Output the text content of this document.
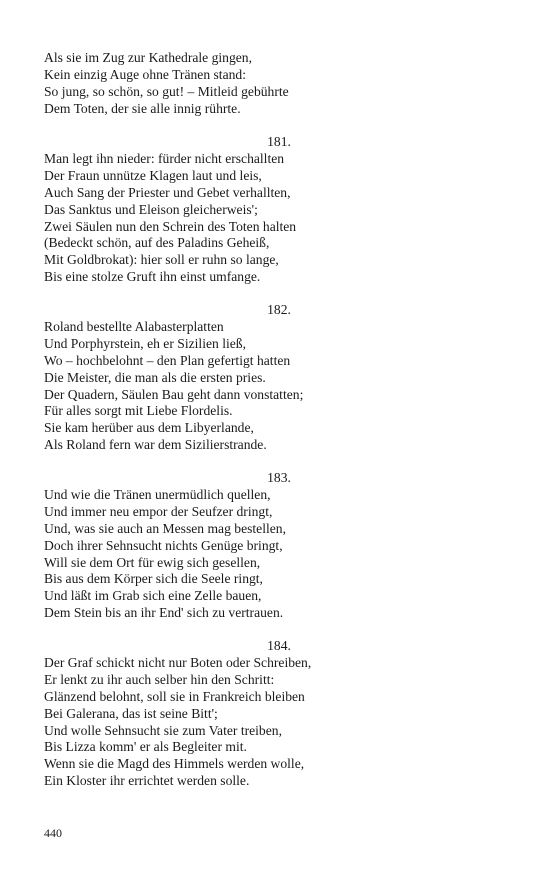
Als sie im Zug zur Kathedrale gingen,
Kein einzig Auge ohne Tränen stand:
So jung, so schön, so gut! – Mitleid gebührte
Dem Toten, der sie alle innig rührte.
181.
Man legt ihn nieder: fürder nicht erschallten
Der Fraun unnütze Klagen laut und leis,
Auch Sang der Priester und Gebet verhallten,
Das Sanktus und Eleison gleicherweis';
Zwei Säulen nun den Schrein des Toten halten
(Bedeckt schön, auf des Paladins Geheiß,
Mit Goldbrokat): hier soll er ruhn so lange,
Bis eine stolze Gruft ihn einst umfange.
182.
Roland bestellte Alabasterplatten
Und Porphyrstein, eh er Sizilien ließ,
Wo – hochbelohnt – den Plan gefertigt hatten
Die Meister, die man als die ersten pries.
Der Quadern, Säulen Bau geht dann vonstatten;
Für alles sorgt mit Liebe Flordelis.
Sie kam herüber aus dem Libyerlande,
Als Roland fern war dem Sizilierstrande.
183.
Und wie die Tränen unermüdlich quellen,
Und immer neu empor der Seufzer dringt,
Und, was sie auch an Messen mag bestellen,
Doch ihrer Sehnsucht nichts Genüge bringt,
Will sie dem Ort für ewig sich gesellen,
Bis aus dem Körper sich die Seele ringt,
Und läßt im Grab sich eine Zelle bauen,
Dem Stein bis an ihr End' sich zu vertrauen.
184.
Der Graf schickt nicht nur Boten oder Schreiben,
Er lenkt zu ihr auch selber hin den Schritt:
Glänzend belohnt, soll sie in Frankreich bleiben
Bei Galerana, das ist seine Bitt';
Und wolle Sehnsucht sie zum Vater treiben,
Bis Lizza komm' er als Begleiter mit.
Wenn sie die Magd des Himmels werden wolle,
Ein Kloster ihr errichtet werden solle.
440
